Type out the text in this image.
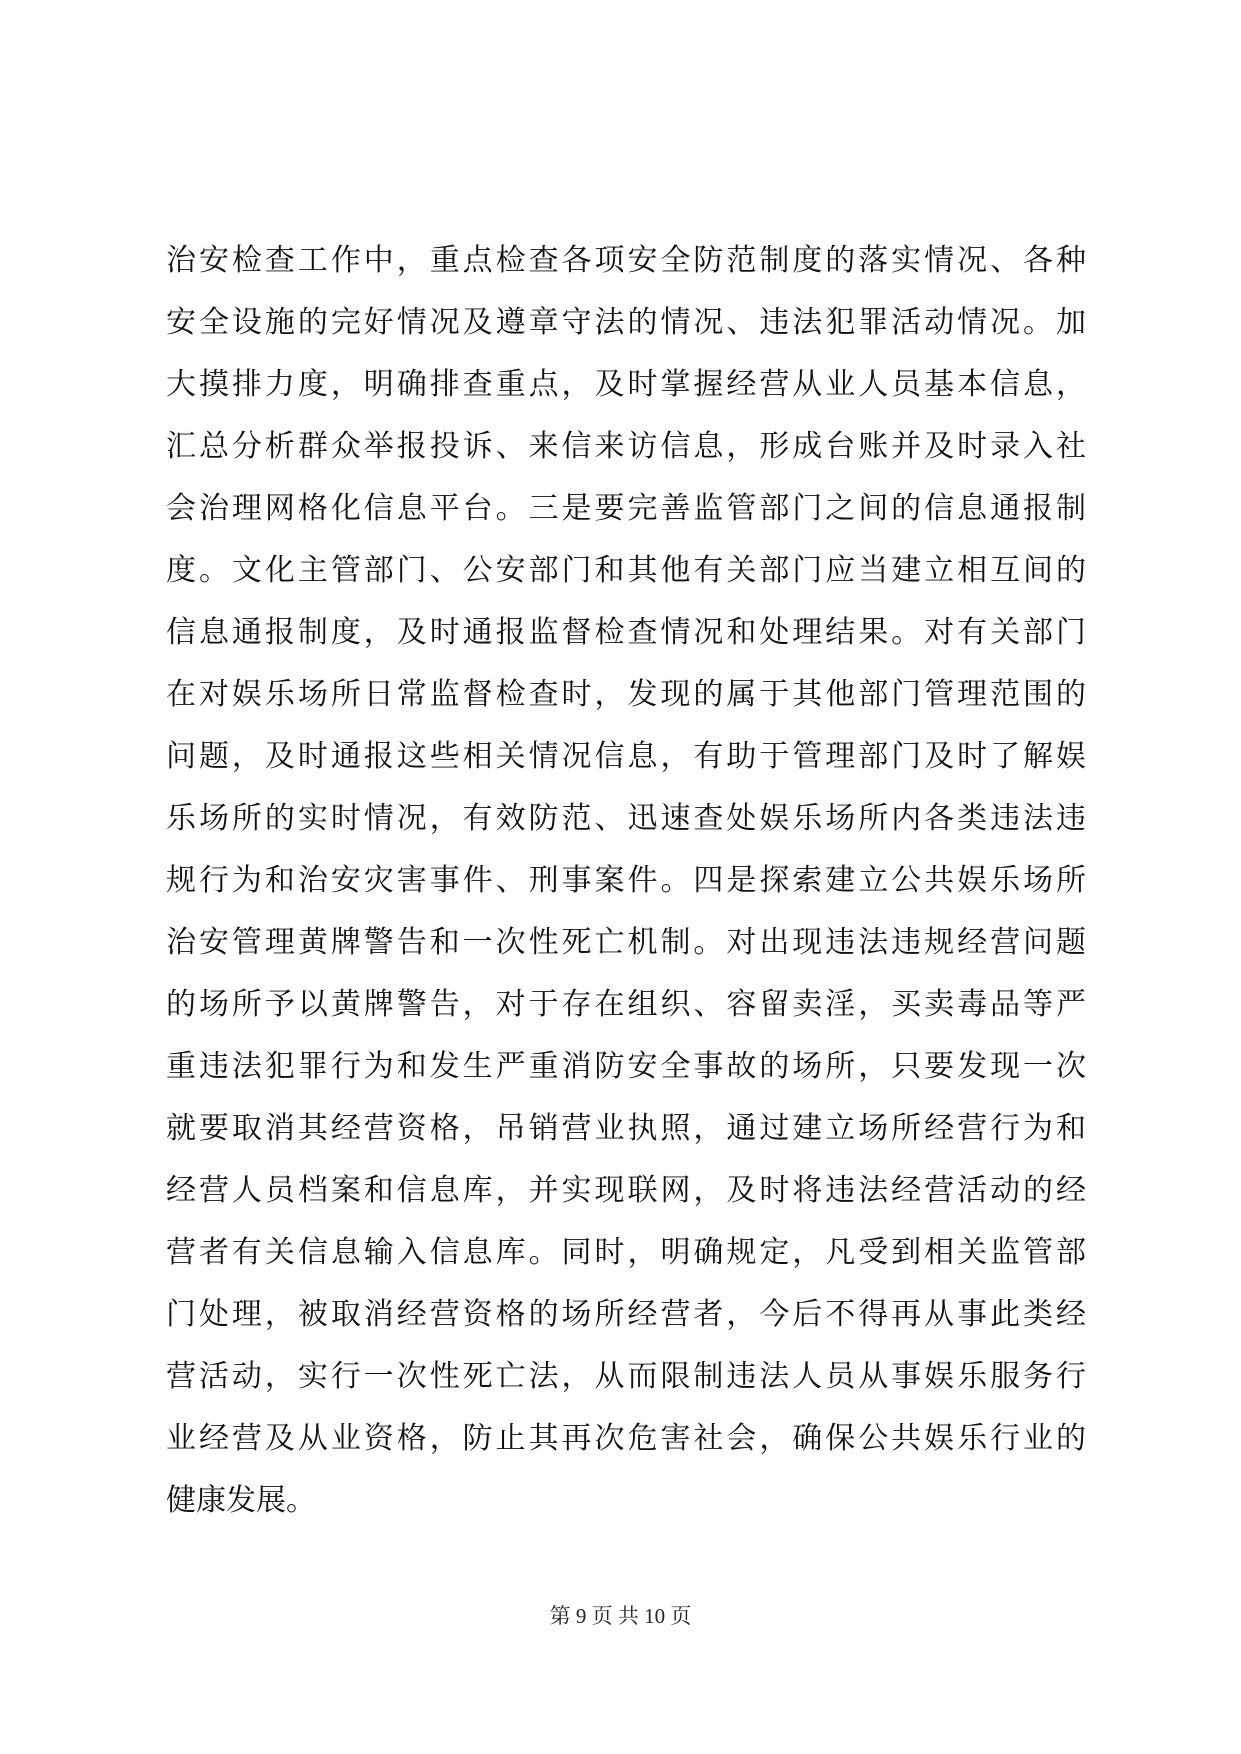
治安检查工作中，重点检查各项安全防范制度的落实情况、各种
安全设施的完好情况及遵章守法的情况、违法犯罪活动情况。加
大摸排力度，明确排查重点，及时掌握经营从业人员基本信息，
汇总分析群众举报投诉、来信来访信息，形成台账并及时录入社
会治理网格化信息平台。三是要完善监管部门之间的信息通报制
度。文化主管部门、公安部门和其他有关部门应当建立相互间的
信息通报制度，及时通报监督检查情况和处理结果。对有关部门
在对娱乐场所日常监督检查时，发现的属于其他部门管理范围的
问题，及时通报这些相关情况信息，有助于管理部门及时了解娱
乐场所的实时情况，有效防范、迅速查处娱乐场所内各类违法违
规行为和治安灾害事件、刑事案件。四是探索建立公共娱乐场所
治安管理黄牌警告和一次性死亡机制。对出现违法违规经营问题
的场所予以黄牌警告，对于存在组织、容留卖淫，买卖毒品等严
重违法犯罪行为和发生严重消防安全事故的场所，只要发现一次
就要取消其经营资格，吊销营业执照，通过建立场所经营行为和
经营人员档案和信息库，并实现联网，及时将违法经营活动的经
营者有关信息输入信息库。同时，明确规定，凡受到相关监管部
门处理，被取消经营资格的场所经营者，今后不得再从事此类经
营活动，实行一次性死亡法，从而限制违法人员从事娱乐服务行
业经营及从业资格，防止其再次危害社会，确保公共娱乐行业的
健康发展。
第 9 页 共 10 页
